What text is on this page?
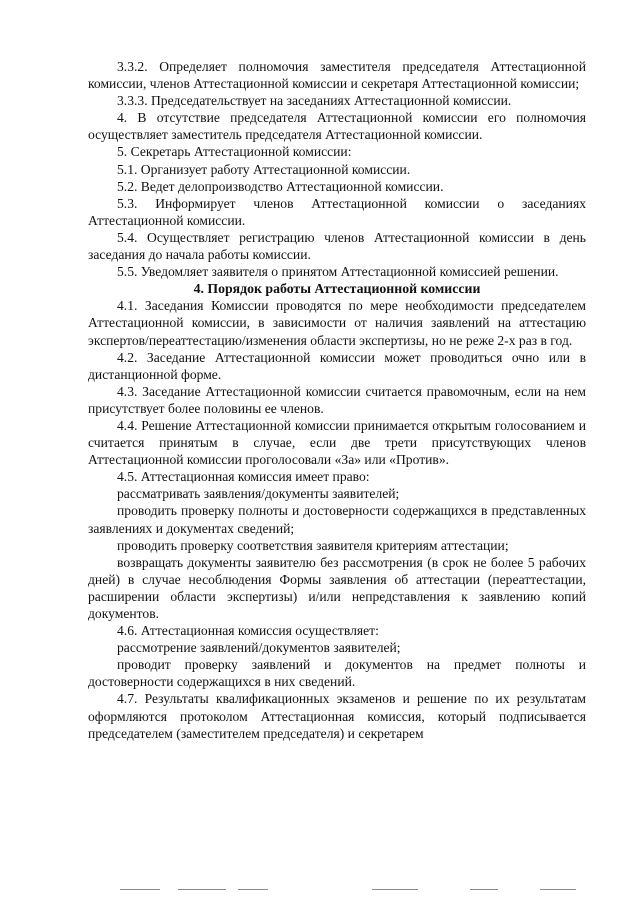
3.3.2. Определяет полномочия заместителя председателя Аттестационной комиссии, членов Аттестационной комиссии и секретаря Аттестационной комиссии;

3.3.3. Председательствует на заседаниях Аттестационной комиссии.

4. В отсутствие председателя Аттестационной комиссии его полномочия осуществляет заместитель председателя Аттестационной комиссии.

5. Секретарь Аттестационной комиссии:

5.1. Организует работу Аттестационной комиссии.

5.2. Ведет делопроизводство Аттестационной комиссии.

5.3. Информирует членов Аттестационной комиссии о заседаниях Аттестационной комиссии.

5.4. Осуществляет регистрацию членов Аттестационной комиссии в день заседания до начала работы комиссии.

5.5. Уведомляет заявителя о принятом Аттестационной комиссией решении.

4. Порядок работы Аттестационной комиссии

4.1. Заседания Комиссии проводятся по мере необходимости председателем Аттестационной комиссии, в зависимости от наличия заявлений на аттестацию экспертов/переаттестацию/изменения области экспертизы, но не реже 2-х раз в год.

4.2. Заседание Аттестационной комиссии может проводиться очно или в дистанционной форме.

4.3. Заседание Аттестационной комиссии считается правомочным, если на нем присутствует более половины ее членов.

4.4. Решение Аттестационной комиссии принимается открытым голосованием и считается принятым в случае, если две трети присутствующих членов Аттестационной комиссии проголосовали «За» или «Против».

4.5. Аттестационная комиссия имеет право:

рассматривать заявления/документы заявителей;

проводить проверку полноты и достоверности содержащихся в представленных заявлениях и документах сведений;

проводить проверку соответствия заявителя критериям аттестации;

возвращать документы заявителю без рассмотрения (в срок не более 5 рабочих дней) в случае несоблюдения Формы заявления об аттестации (переаттестации, расширении области экспертизы) и/или непредставления к заявлению копий документов.

4.6. Аттестационная комиссия осуществляет:

рассмотрение заявлений/документов заявителей;

проводит проверку заявлений и документов на предмет полноты и достоверности содержащихся в них сведений.

4.7. Результаты квалификационных экзаменов и решение по их результатам оформляются протоколом Аттестационная комиссия, который подписывается председателем (заместителем председателя) и секретарем
